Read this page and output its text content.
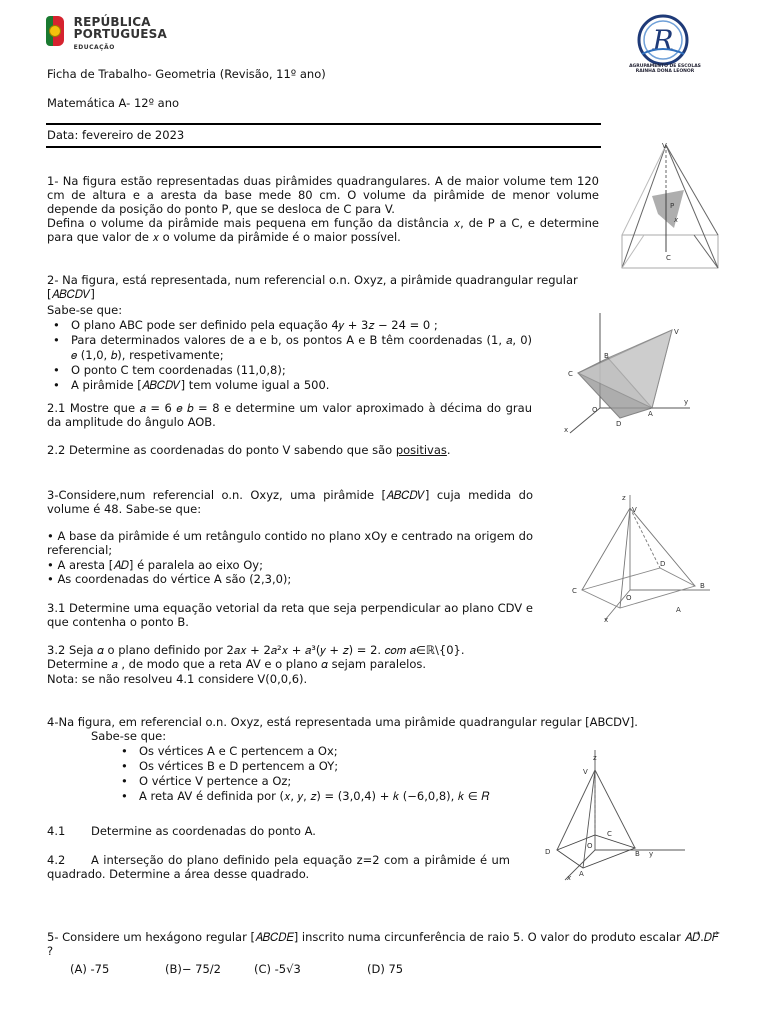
REPÚBLICA
PORTUGUESA
EDUCAÇÃO	R
AGRUPAMENTO DE ESCOLAS
RAINHA DONA LEONOR

Ficha de Trabalho- Geometria (Revisão, 11º ano)

Matemática A- 12º ano

Data: fevereiro de 2023

1- Na figura estão representadas duas pirâmides quadrangulares. A de maior volume tem 120 cm de altura e a aresta da base mede 80 cm. O volume da pirâmide de menor volume depende da posição do ponto P, que se desloca de C para V.
Defina o volume da pirâmide mais pequena em função da distância 𝑥, de P a C, e determine para que valor de 𝑥 o volume da pirâmide é o maior possível.

V
P
x
C

2- Na figura, está representada, num referencial o.n. Oxyz, a pirâmide quadrangular regular [𝐴𝐵𝐶𝐷𝑉]

Sabe-se que:

• O plano ABC pode ser definido pela equação 4𝑦 + 3𝑧 − 24 = 0 ;
• Para determinados valores de a e b, os pontos A e B têm coordenadas (1, 𝑎, 0) 𝑒 (1,0, 𝑏), respetivamente;
• O ponto C tem coordenadas (11,0,8);
• A pirâmide [𝐴𝐵𝐶𝐷𝑉] tem volume igual a 500.

2.1 Mostre que 𝑎 = 6 𝑒 𝑏 = 8 e determine um valor aproximado à décima do grau da amplitude do ângulo AOB.

2.2 Determine as coordenadas do ponto V sabendo que são positivas.

B
C
V
D
A
O
y
x

3-Considere,num referencial o.n. Oxyz, uma pirâmide [𝐴𝐵𝐶𝐷𝑉] cuja medida do volume é 48. Sabe-se que:

• A base da pirâmide é um retângulo contido no plano xOy e centrado na origem do referencial;

• A aresta [𝐴𝐷] é paralela ao eixo Oy;

• As coordenadas do vértice A são (2,3,0);

3.1 Determine uma equação vetorial da reta que seja perpendicular ao plano CDV e que contenha o ponto B.

3.2 Seja 𝛼 o plano definido por 2𝑎𝑥 + 2𝑎²𝑥 + 𝑎³(𝑦 + 𝑧) = 2. 𝑐𝑜𝑚 𝑎∈ℝ\{0}.

Determine 𝑎 , de modo que a reta AV e o plano 𝛼 sejam paralelos.

Nota: se não resolveu 4.1 considere V(0,0,6).

z
V
C
D
B
O
A
x

4-Na figura, em referencial o.n. Oxyz, está representada uma pirâmide quadrangular regular [ABCDV].

Sabe-se que:

• Os vértices A e C pertencem a Ox;
• Os vértices B e D pertencem a OY;
• O vértice V pertence a Oz;
• A reta AV é definida por (𝑥, 𝑦, 𝑧) = (3,0,4) + 𝑘 (−6,0,8), 𝑘 ∈ 𝑅

4.1 Determine as coordenadas do ponto A.

4.2	A interseção do plano definido pela equação z=2 com a pirâmide é um quadrado. Determine a área desse quadrado.

z
V
D
O
C
B y
A
x

5- Considere um hexágono regular [𝐴𝐵𝐶𝐷𝐸] inscrito numa circunferência de raio 5. O valor do produto escalar 𝐴𝐷⃗.𝐷𝐹⃗ ?

(A) -75	(B)− 75/2	(C) -5√3	(D) 75
